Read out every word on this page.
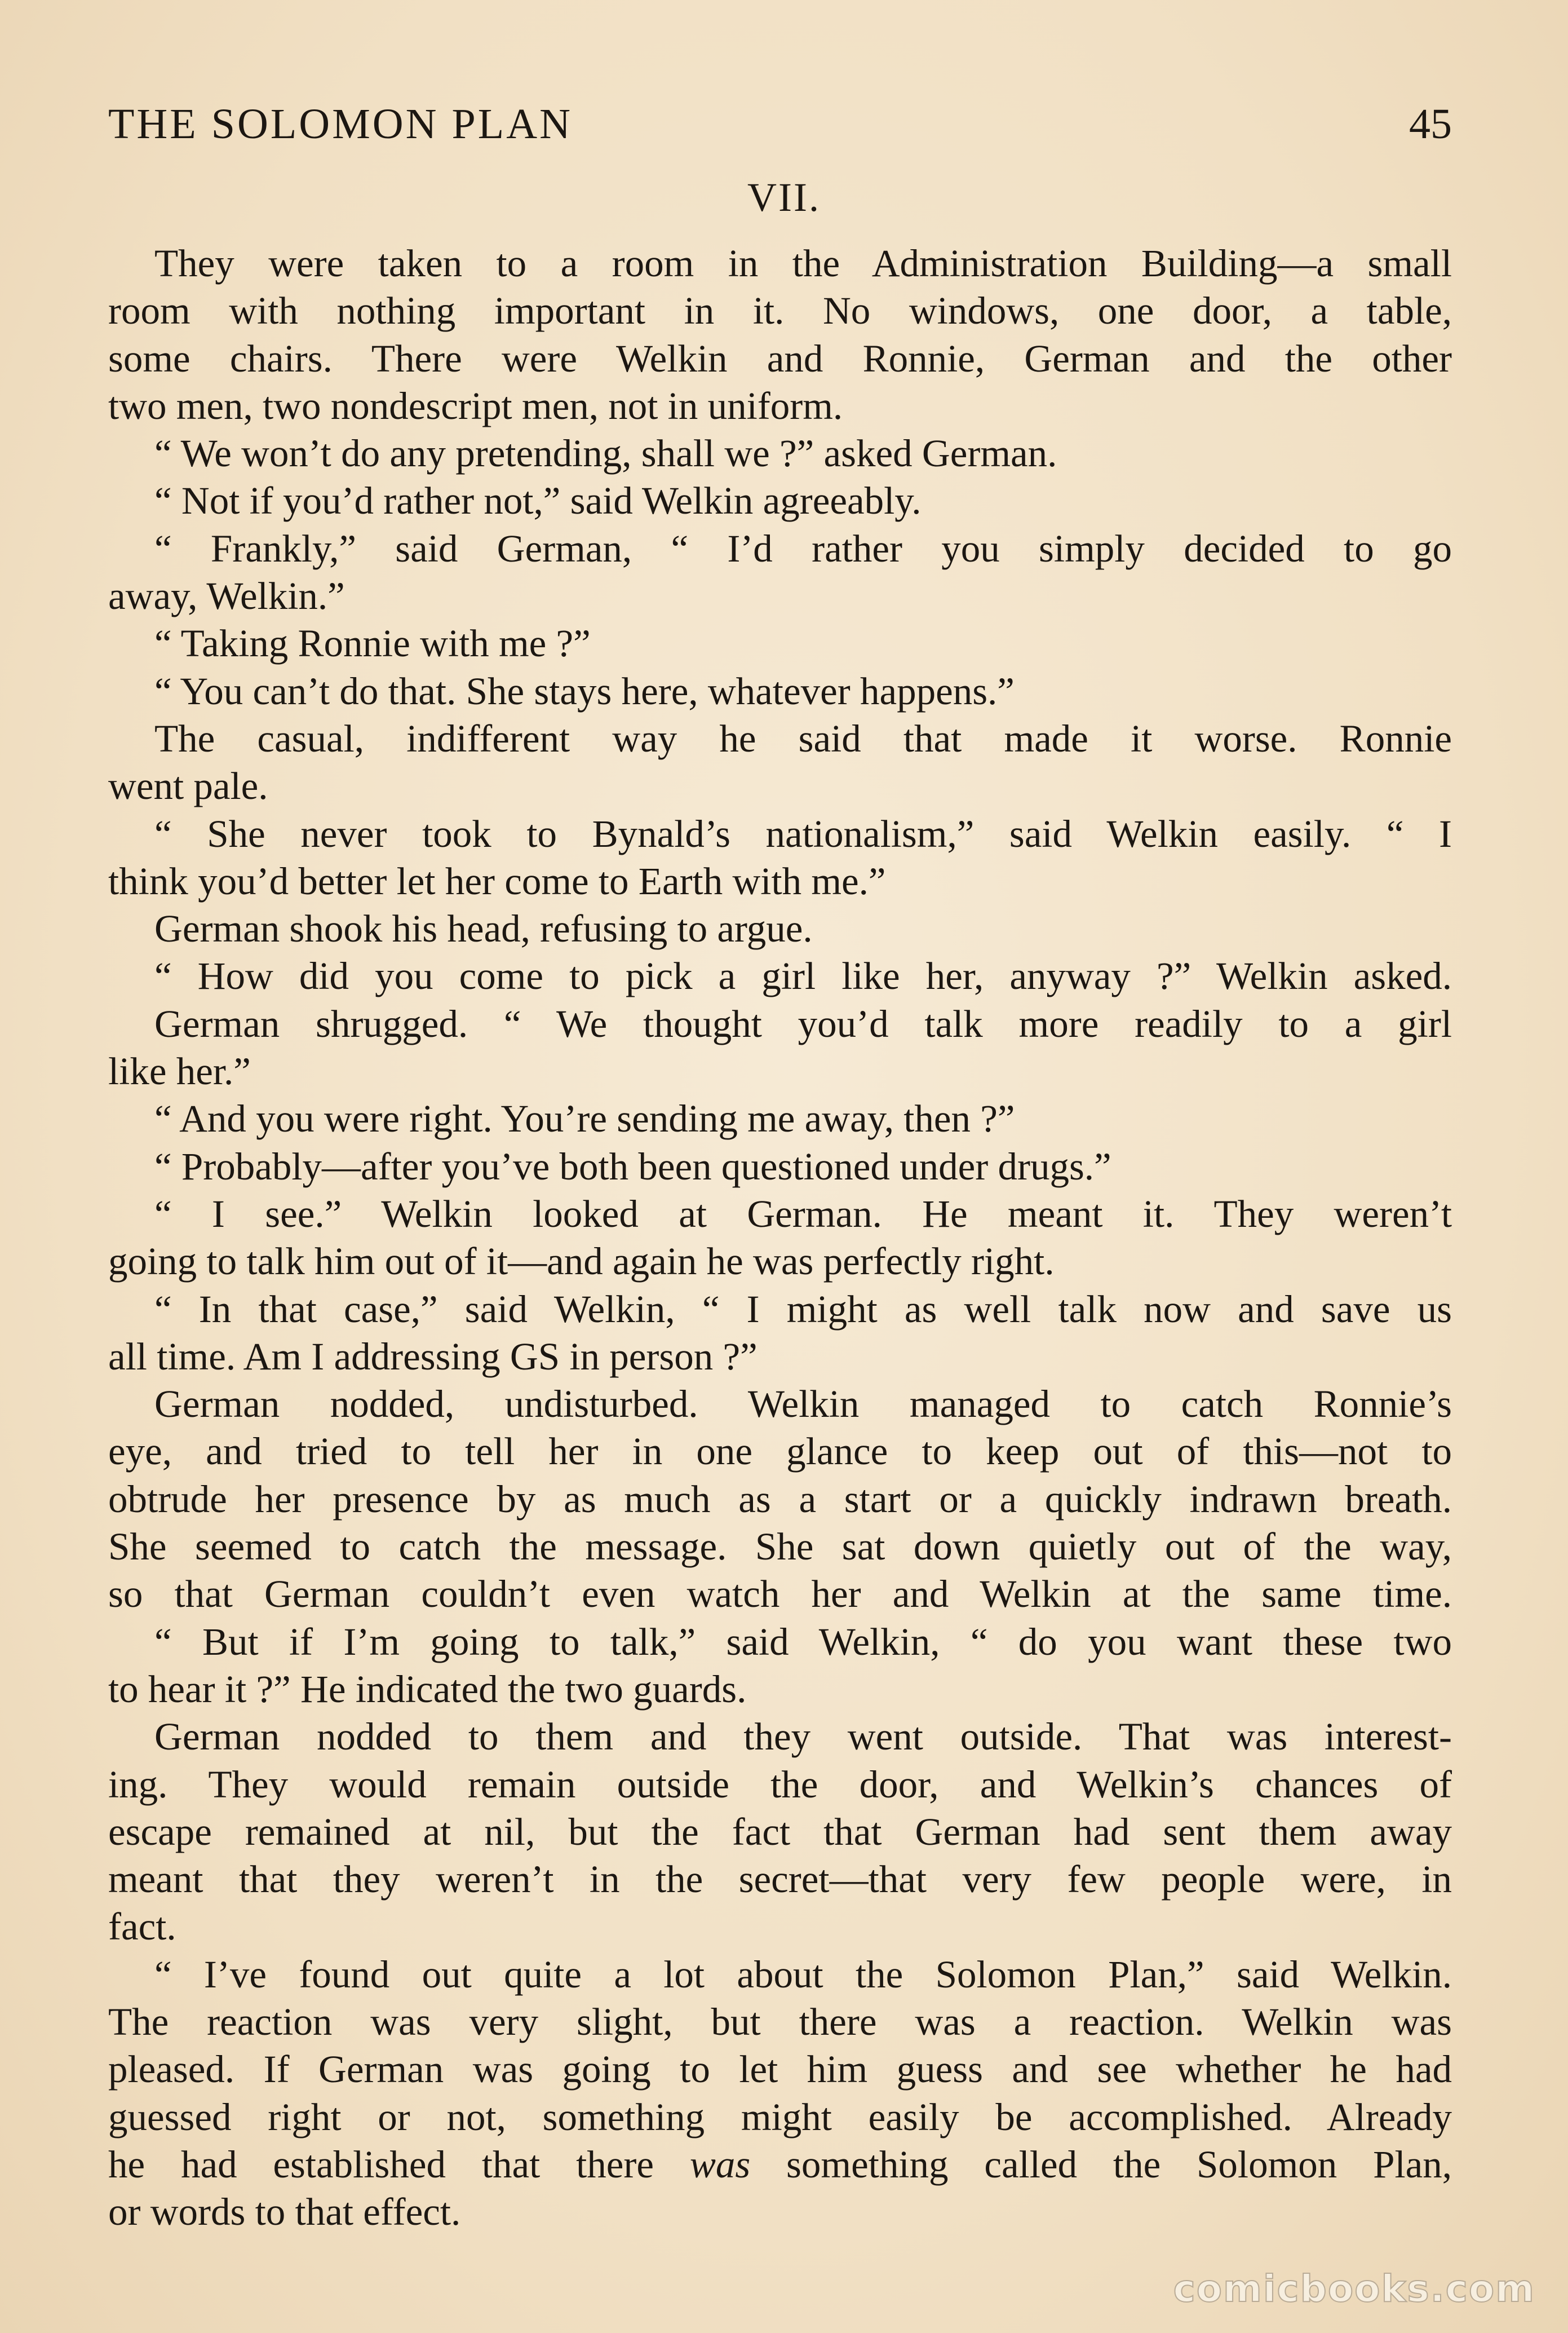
THE SOLOMON PLAN	45
VII.
They were taken to a room in the Administration Building—a small
room with nothing important in it. No windows, one door, a table,
some chairs. There were Welkin and Ronnie, German and the other
two men, two nondescript men, not in uniform.
“ We won’t do any pretending, shall we ?” asked German.
“ Not if you’d rather not,” said Welkin agreeably.
“ Frankly,” said German, “ I’d rather you simply decided to go
away, Welkin.”
“ Taking Ronnie with me ?”
“ You can’t do that. She stays here, whatever happens.”
The casual, indifferent way he said that made it worse. Ronnie
went pale.
“ She never took to Bynald’s nationalism,” said Welkin easily. “ I
think you’d better let her come to Earth with me.”
German shook his head, refusing to argue.
“ How did you come to pick a girl like her, anyway ?” Welkin asked.
German shrugged. “ We thought you’d talk more readily to a girl
like her.”
“ And you were right. You’re sending me away, then ?”
“ Probably—after you’ve both been questioned under drugs.”
“ I see.” Welkin looked at German. He meant it. They weren’t
going to talk him out of it—and again he was perfectly right.
“ In that case,” said Welkin, “ I might as well talk now and save us
all time. Am I addressing GS in person ?”
German nodded, undisturbed. Welkin managed to catch Ronnie’s
eye, and tried to tell her in one glance to keep out of this—not to
obtrude her presence by as much as a start or a quickly indrawn breath.
She seemed to catch the message. She sat down quietly out of the way,
so that German couldn’t even watch her and Welkin at the same time.
“ But if I’m going to talk,” said Welkin, “ do you want these two
to hear it ?” He indicated the two guards.
German nodded to them and they went outside. That was interest-
ing. They would remain outside the door, and Welkin’s chances of
escape remained at nil, but the fact that German had sent them away
meant that they weren’t in the secret—that very few people were, in
fact.
“ I’ve found out quite a lot about the Solomon Plan,” said Welkin.
The reaction was very slight, but there was a reaction. Welkin was
pleased. If German was going to let him guess and see whether he had
guessed right or not, something might easily be accomplished. Already
he had established that there was something called the Solomon Plan,
or words to that effect.
comicbooks.com
